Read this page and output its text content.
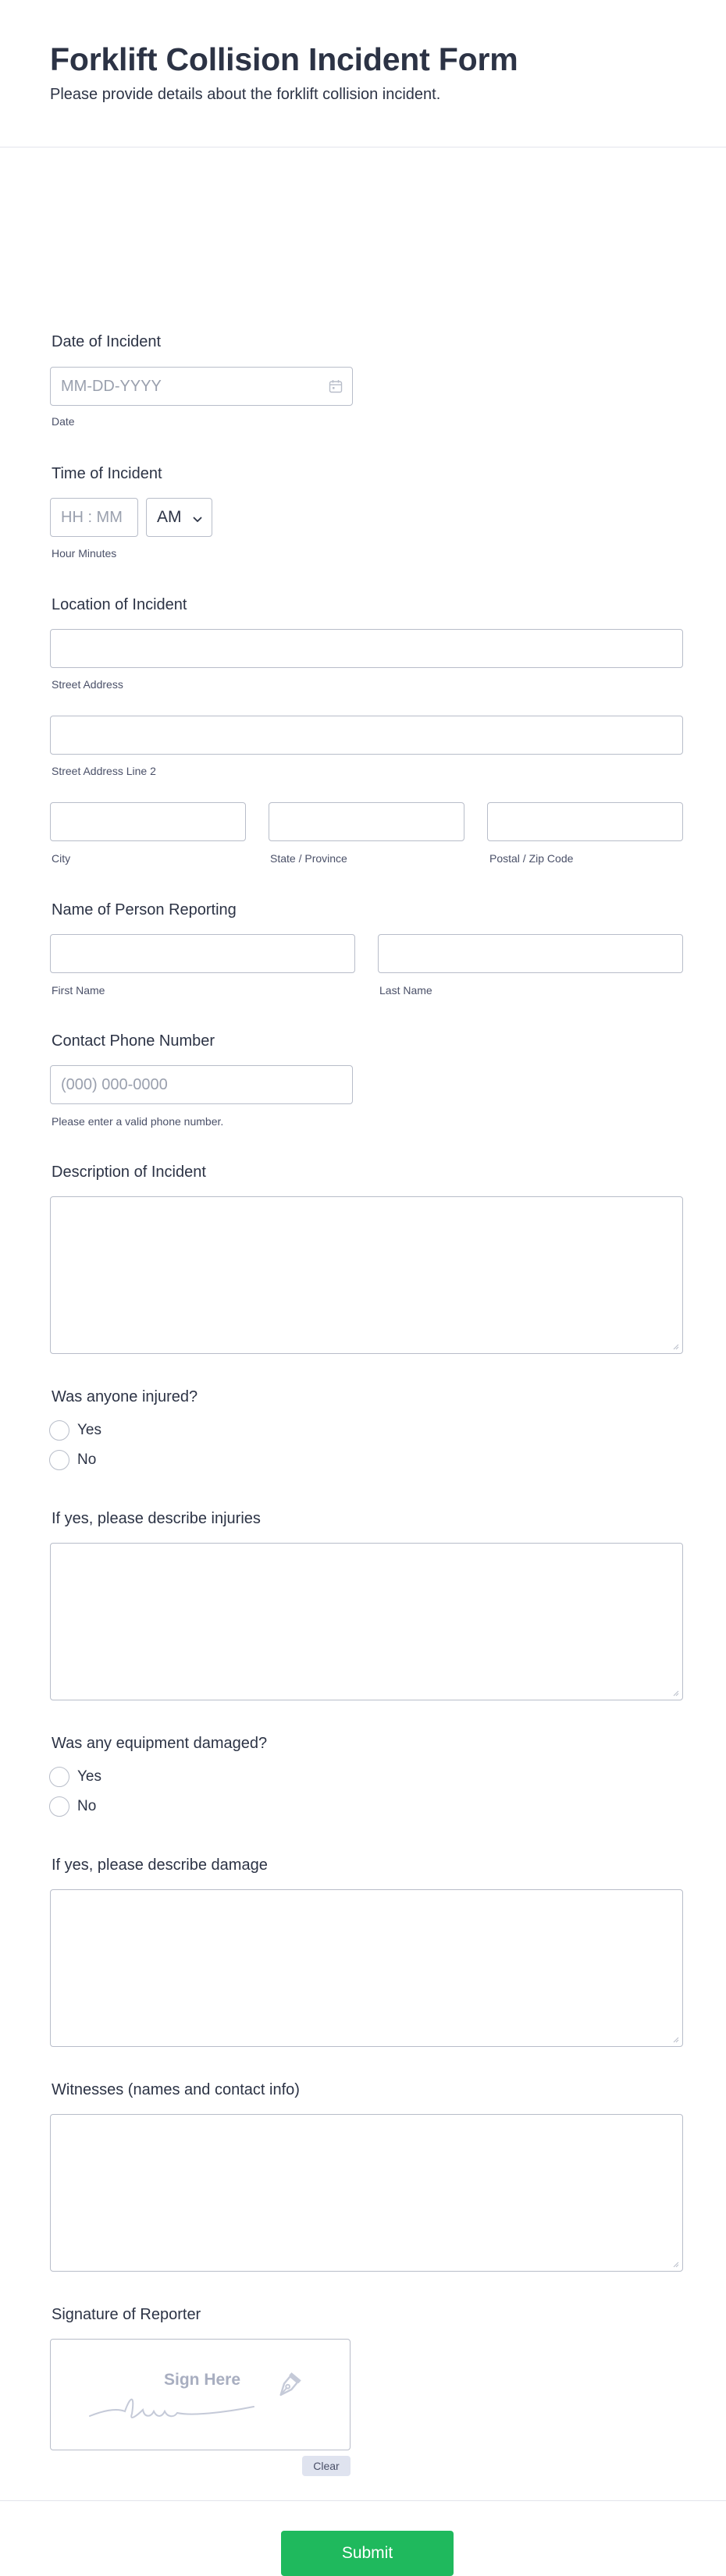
Forklift Collision Incident Form
Please provide details about the forklift collision incident.
Date of Incident
MM-DD-YYYY
Date
Time of Incident
HH : MM AM
Hour Minutes
Location of Incident
Street Address
Street Address Line 2
City	State / Province	Postal / Zip Code
Name of Person Reporting
First Name	Last Name
Contact Phone Number
(000) 000-0000
Please enter a valid phone number.
Description of Incident
Was anyone injured?
Yes
No
If yes, please describe injuries
Was any equipment damaged?
Yes
No
If yes, please describe damage
Witnesses (names and contact info)
Signature of Reporter
Sign Here
Clear
Submit
